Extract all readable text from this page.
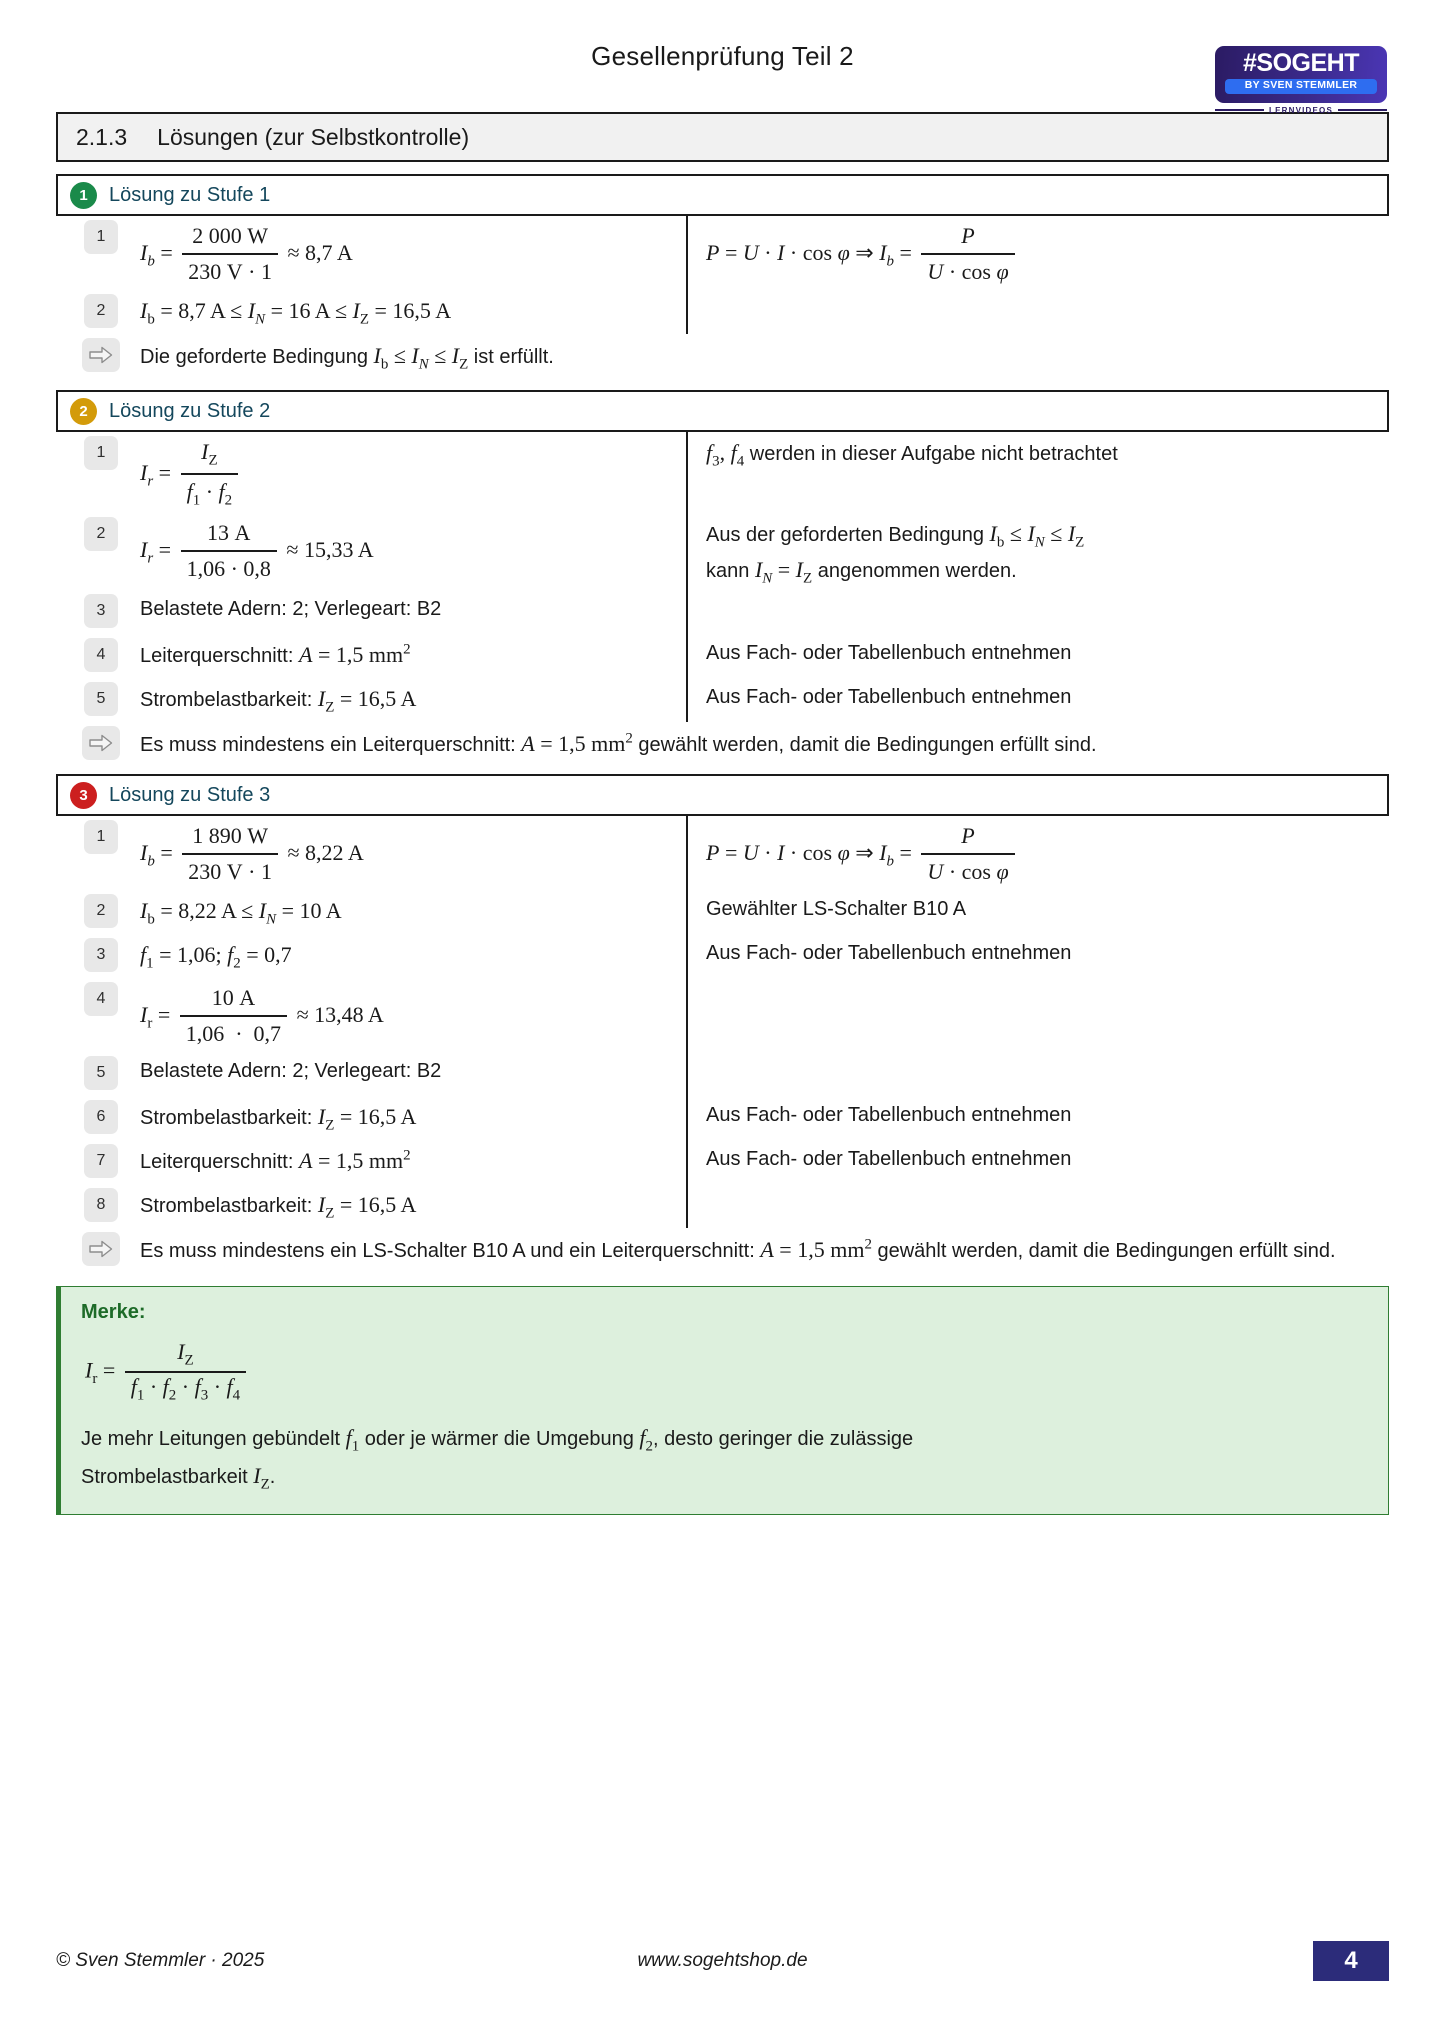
Gesellenprüfung Teil 2	#SOGEHT
BY SVEN STEMMLER
LERNVIDEOS
2.1.3 Lösungen (zur Selbstkontrolle)
1	Lösung zu Stufe 1
1
$I_b = \frac{2 000 W}{230 V \cdot 1} \approx 8,7$ A	P = U · I · cos φ ⇒ $I_b = \frac{P}{\text{U · cos φ}}$
2	$I_b = 8,7$ $A \le I_N = 16$ $A \le I_Z = 16,5$ A
Die geforderte Bedingung $I_b \le I_N \le I_Z$ ist erfüllt.
2	Lösung zu Stufe 2
1
$I_r = \frac{I_Z}{f_1 \cdot f_2}$	$f_3$, $f_4$ werden in dieser Aufgabe nicht betrachtet
2
$I_r = \frac{13 A}{1,06 \cdot 0,8} \approx 15,33$ A
Aus der geforderten Bedingung $I_b \le I_N \le I_Z$
kann $I_N = I_Z$ angenommen werden.
3	Belastete Adern: 2; Verlegeart: B2
4	Leiterquerschnitt: A = 1,5 $mm^2$	Aus Fach- oder Tabellenbuch entnehmen
5	Strombelastbarkeit: $I_Z = 16,5$ A	Aus Fach- oder Tabellenbuch entnehmen
Es muss mindestens ein Leiterquerschnitt: A = 1,5 $mm^2$ gewählt werden, damit die Bedingungen erfüllt sind.
3	Lösung zu Stufe 3
1
$I_b = \frac{1 890 W}{230 V \cdot 1} \approx 8,22$ A	P = U · I · cos φ ⇒ $I_b = \frac{P}{\text{U · cos φ}}$
2	$I_b = 8,22$ $A \le I_N = 10$ A	Gewählter LS-Schalter B10 A
3	$f_1 = 1,06$; $f_2 = 0,7$	Aus Fach- oder Tabellenbuch entnehmen
4
$I_r = \frac{10 A}{1,06 \cdot 0,7} \approx 13,48$ A
5	Belastete Adern: 2; Verlegeart: B2
6	Strombelastbarkeit: $I_Z = 16,5$ A	Aus Fach- oder Tabellenbuch entnehmen
7	Leiterquerschnitt: A = 1,5 $mm^2$	Aus Fach- oder Tabellenbuch entnehmen
8	Strombelastbarkeit: $I_Z = 16,5$ A
Es muss mindestens ein LS-Schalter B10 A und ein Leiterquerschnitt: A = 1,5 $mm^2$ gewählt werden, damit die Bedingungen erfüllt sind.
Merke:
$I_r = \frac{I_Z}{f_1 \cdot f_2 \cdot f_3 \cdot f_4}$
Je mehr Leitungen gebündelt $f_1$ oder je wärmer die Umgebung $f_2$, desto geringer die zulässige
Strombelastbarkeit $I_Z$.
© Sven Stemmler · 2025	www.sogehtshop.de	4
